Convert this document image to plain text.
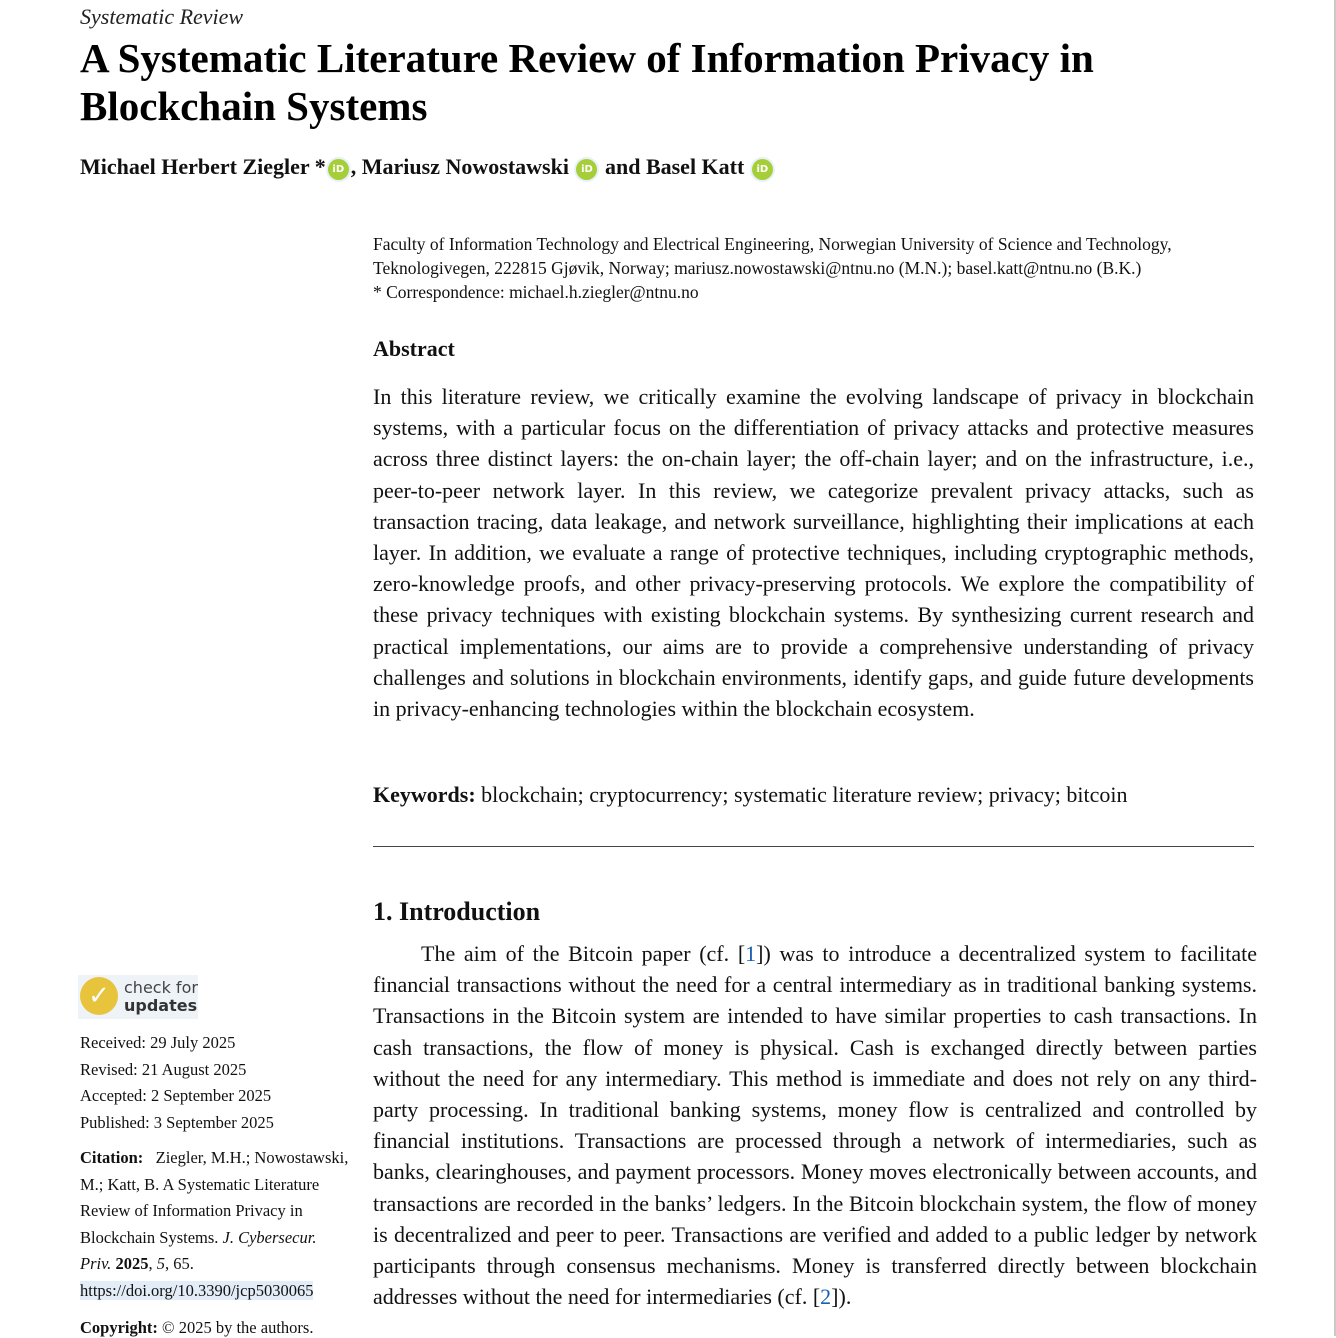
Systematic Review
A Systematic Literature Review of Information Privacy in Blockchain Systems
Michael Herbert Ziegler * iD , Mariusz Nowostawski iD and Basel Katt iD
Faculty of Information Technology and Electrical Engineering, Norwegian University of Science and Technology,
Teknologivegen, 222815 Gjøvik, Norway; mariusz.nowostawski@ntnu.no (M.N.); basel.katt@ntnu.no (B.K.)
* Correspondence: michael.h.ziegler@ntnu.no
Abstract
In this literature review, we critically examine the evolving landscape of privacy in blockchain systems, with a particular focus on the differentiation of privacy attacks and protective measures across three distinct layers: the on-chain layer; the off-chain layer; and on the infrastructure, i.e., peer-to-peer network layer. In this review, we categorize prevalent privacy attacks, such as transaction tracing, data leakage, and network surveillance, highlighting their implications at each layer. In addition, we evaluate a range of protective techniques, including cryptographic methods, zero-knowledge proofs, and other privacy-preserving protocols. We explore the compatibility of these privacy techniques with existing blockchain systems. By synthesizing current research and practical implementations, our aims are to provide a comprehensive understanding of privacy challenges and solutions in blockchain environments, identify gaps, and guide future developments in privacy-enhancing technologies within the blockchain ecosystem.
Keywords: blockchain; cryptocurrency; systematic literature review; privacy; bitcoin
1. Introduction
The aim of the Bitcoin paper (cf. [1]) was to introduce a decentralized system to facilitate financial transactions without the need for a central intermediary as in traditional banking systems. Transactions in the Bitcoin system are intended to have similar properties to cash transactions. In cash transactions, the flow of money is physical. Cash is exchanged directly between parties without the need for any intermediary. This method is immediate and does not rely on any third-party processing. In traditional banking systems, money flow is centralized and controlled by financial institutions. Transactions are processed through a network of intermediaries, such as banks, clearinghouses, and payment processors. Money moves electronically between accounts, and transactions are recorded in the banks’ ledgers. In the Bitcoin blockchain system, the flow of money is decentralized and peer to peer. Transactions are verified and added to a public ledger by network participants through consensus mechanisms. Money is transferred directly between blockchain addresses without the need for intermediaries (cf. [2]).
✓ check for
updates
Received: 29 July 2025
Revised: 21 August 2025
Accepted: 2 September 2025
Published: 3 September 2025
Citation: Ziegler, M.H.; Nowostawski, M.; Katt, B. A Systematic Literature Review of Information Privacy in Blockchain Systems. J. Cybersecur. Priv. 2025, 5, 65.
https://doi.org/10.3390/jcp5030065
Copyright: © 2025 by the authors.
